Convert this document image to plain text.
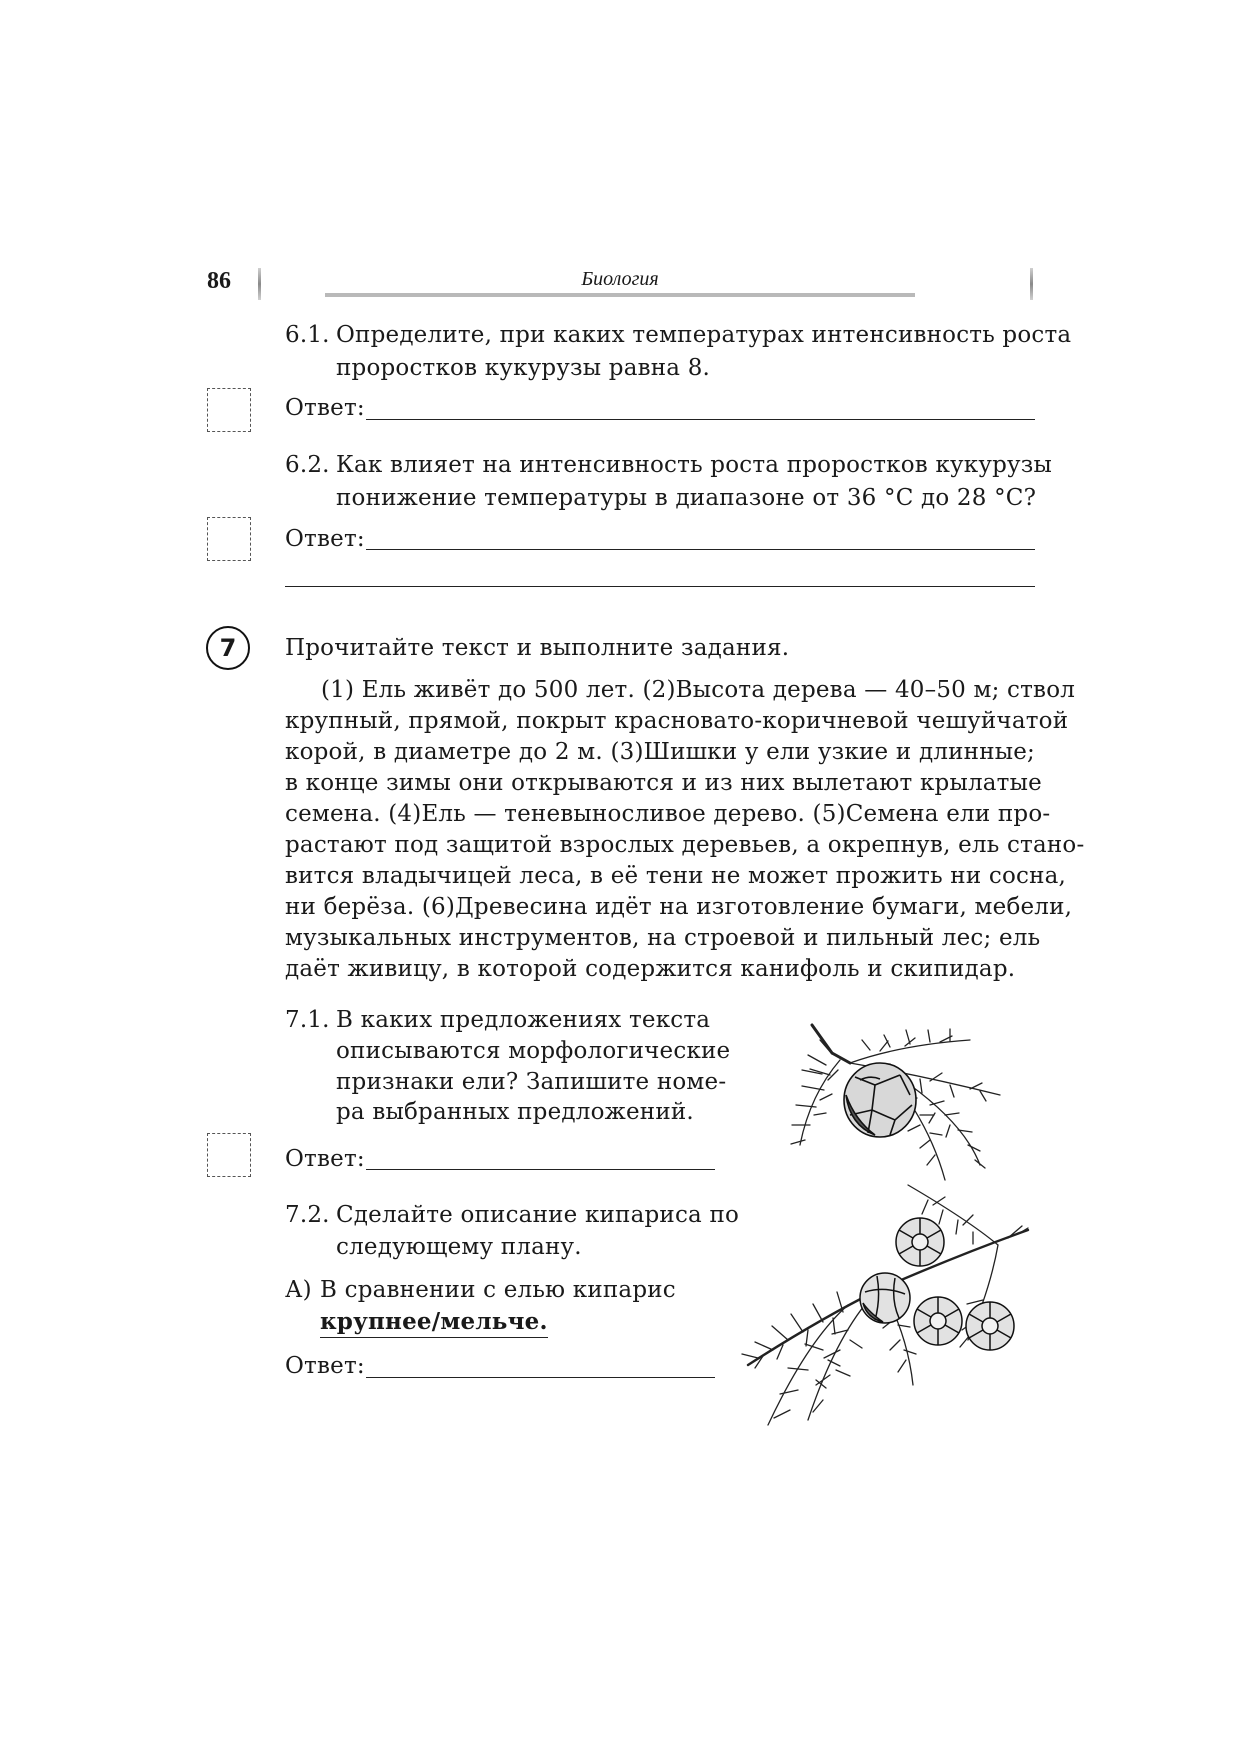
86	Биология
6.1. Определите, при каких температурах интенсивность роста
проростков кукурузы равна 8.
Ответ:
6.2. Как влияет на интенсивность роста проростков кукурузы
понижение температуры в диапазоне от 36 °С до 28 °С?
Ответ:
7	Прочитайте текст и выполните задания.
(1) Ель живёт до 500 лет. (2)Высота дерева — 40–50 м; ствол
крупный, прямой, покрыт красновато-коричневой чешуйчатой
корой, в диаметре до 2 м. (3)Шишки у ели узкие и длинные;
в конце зимы они открываются и из них вылетают крылатые
семена. (4)Ель — теневыносливое дерево. (5)Семена ели про-
растают под защитой взрослых деревьев, а окрепнув, ель стано-
вится владычицей леса, в её тени не может прожить ни сосна,
ни берёза. (6)Древесина идёт на изготовление бумаги, мебели,
музыкальных инструментов, на строевой и пильный лес; ель
даёт живицу, в которой содержится канифоль и скипидар.
7.1. В каких предложениях текста
описываются морфологические
признаки ели? Запишите номе-
ра выбранных предложений.
Ответ:
7.2. Сделайте описание кипариса по
следующему плану.
А) В сравнении с елью кипарис
крупнее/мельче.
Ответ:
